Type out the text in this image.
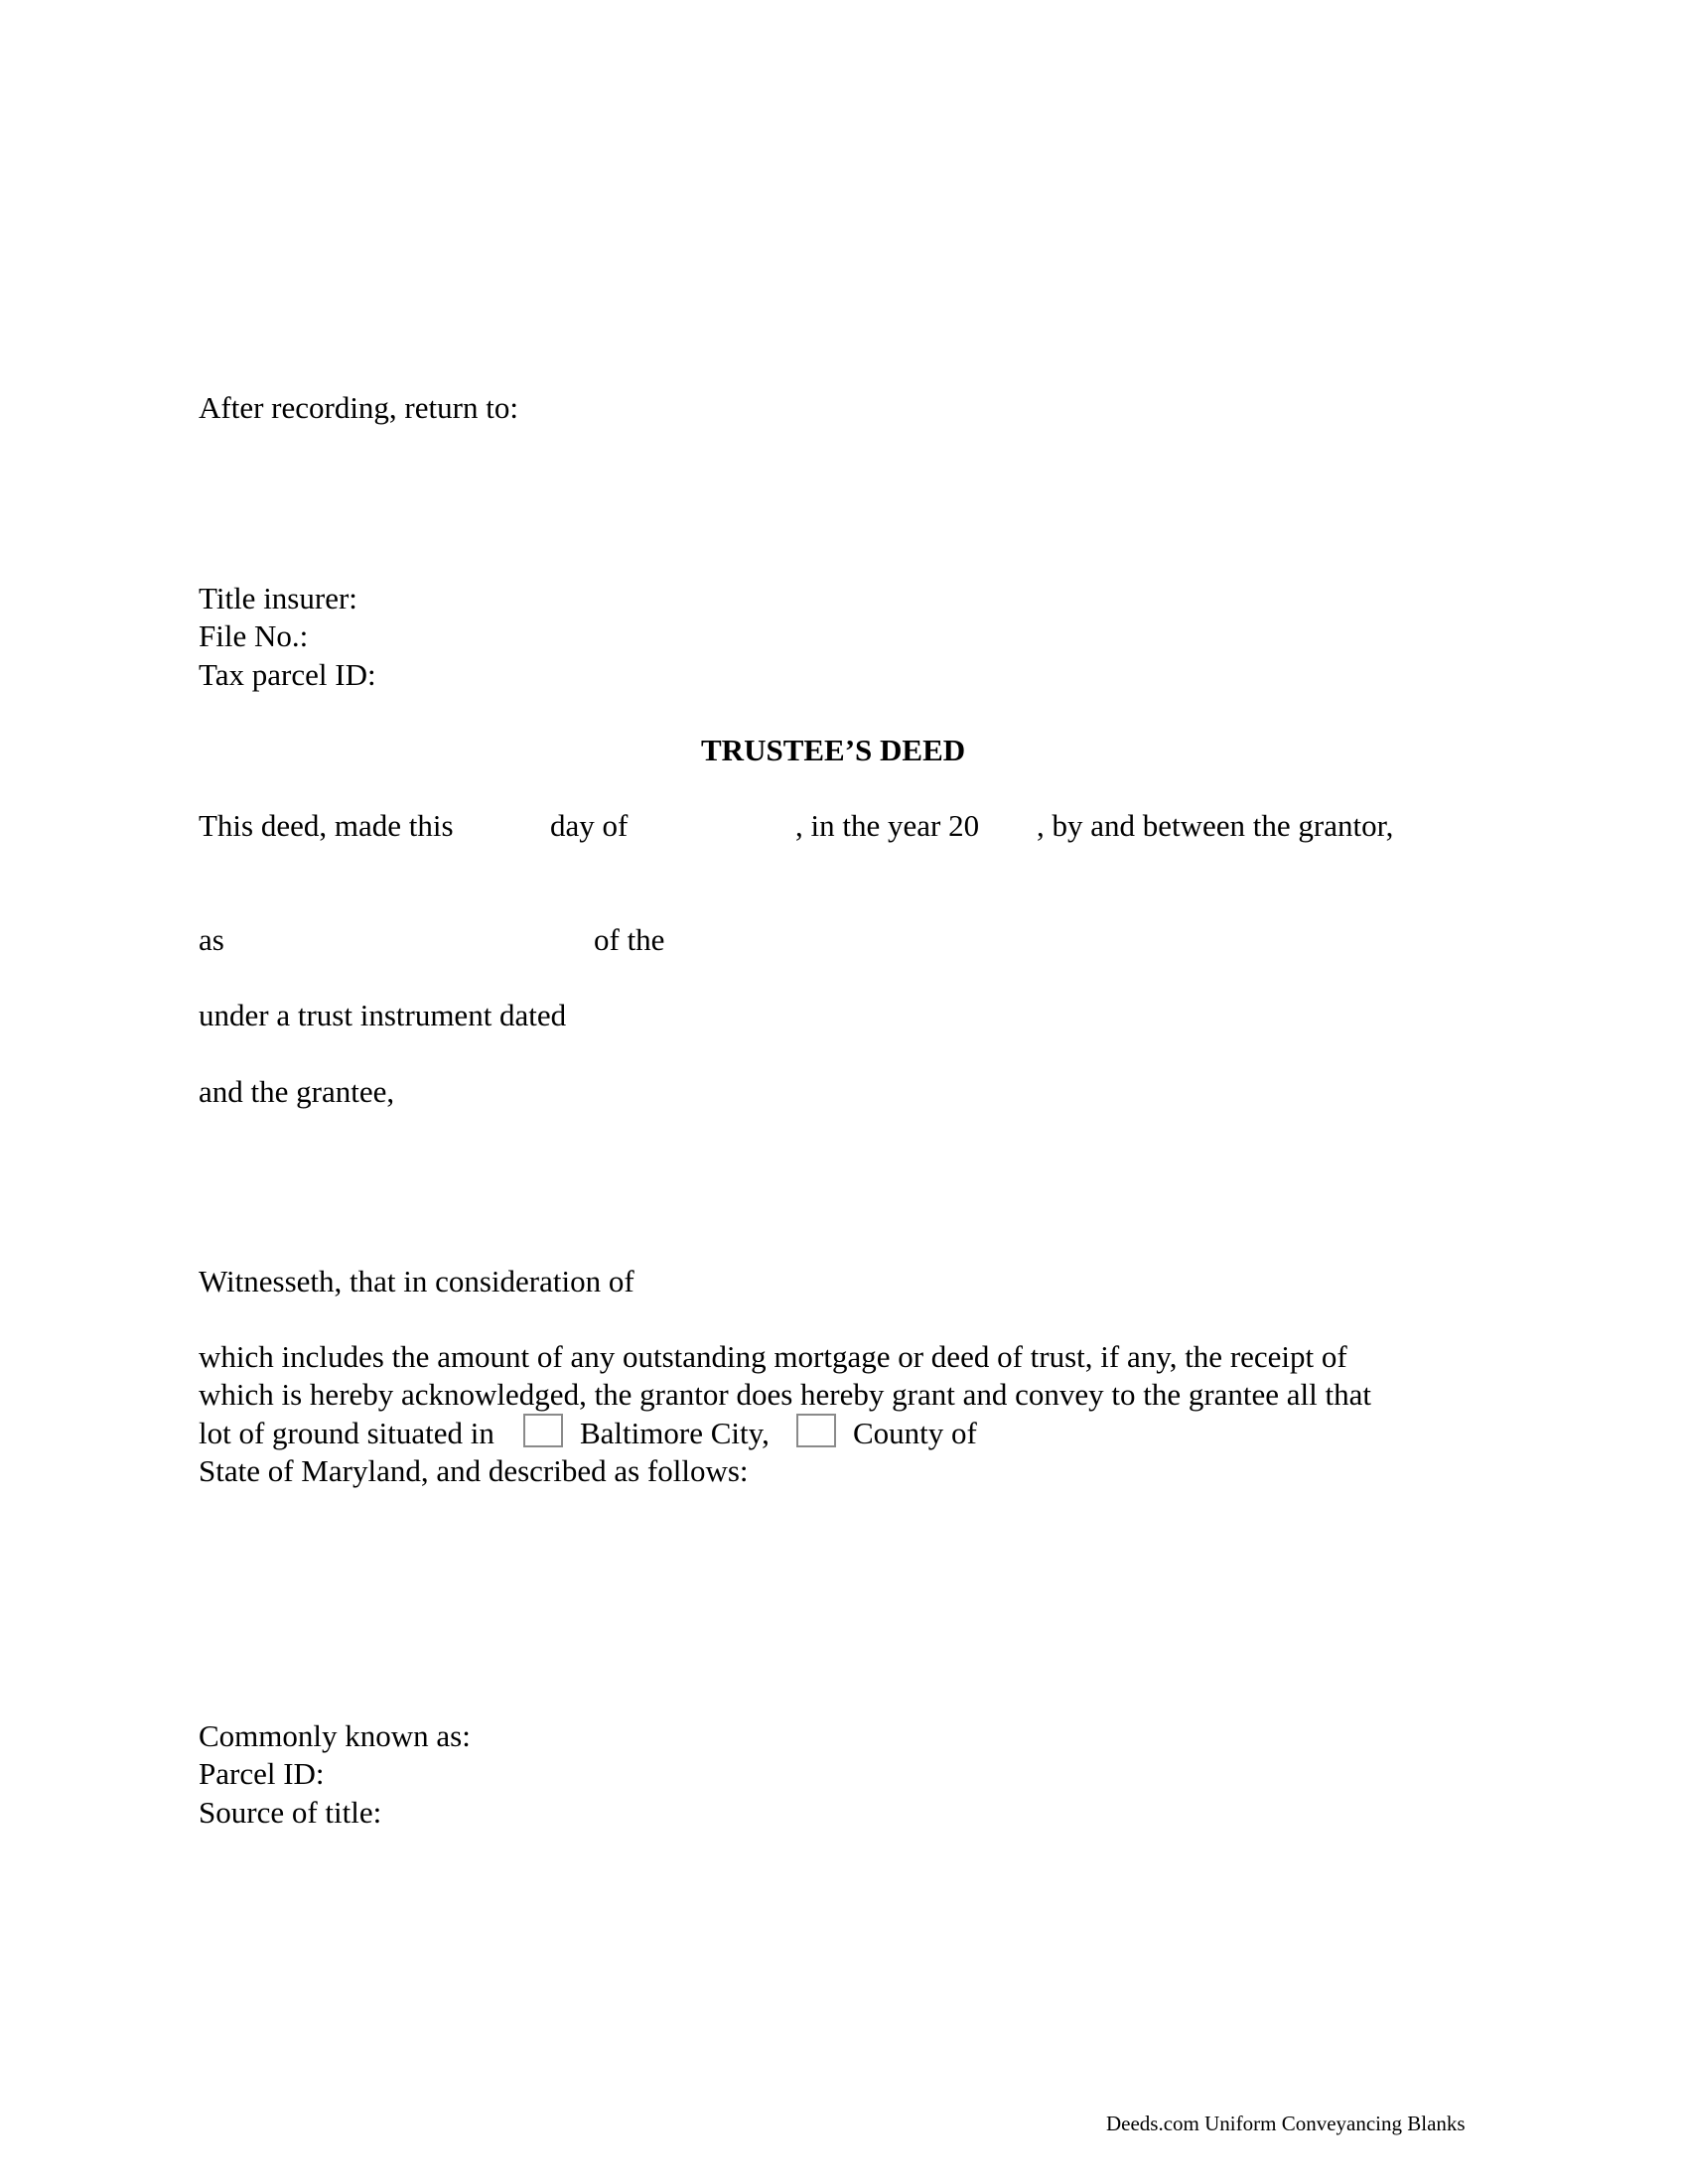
After recording, return to:
Title insurer:
File No.:
Tax parcel ID:
TRUSTEE’S DEED
This deed, made this	day of	, in the year 20 , by and between the grantor,
as	of the
under a trust instrument dated
and the grantee,
Witnesseth, that in consideration of
which includes the amount of any outstanding mortgage or deed of trust, if any, the receipt of
which is hereby acknowledged, the grantor does hereby grant and convey to the grantee all that
lot of ground situated in	Baltimore City,	County of
State of Maryland, and described as follows:
Commonly known as:
Parcel ID:
Source of title:
Deeds.com Uniform Conveyancing Blanks
